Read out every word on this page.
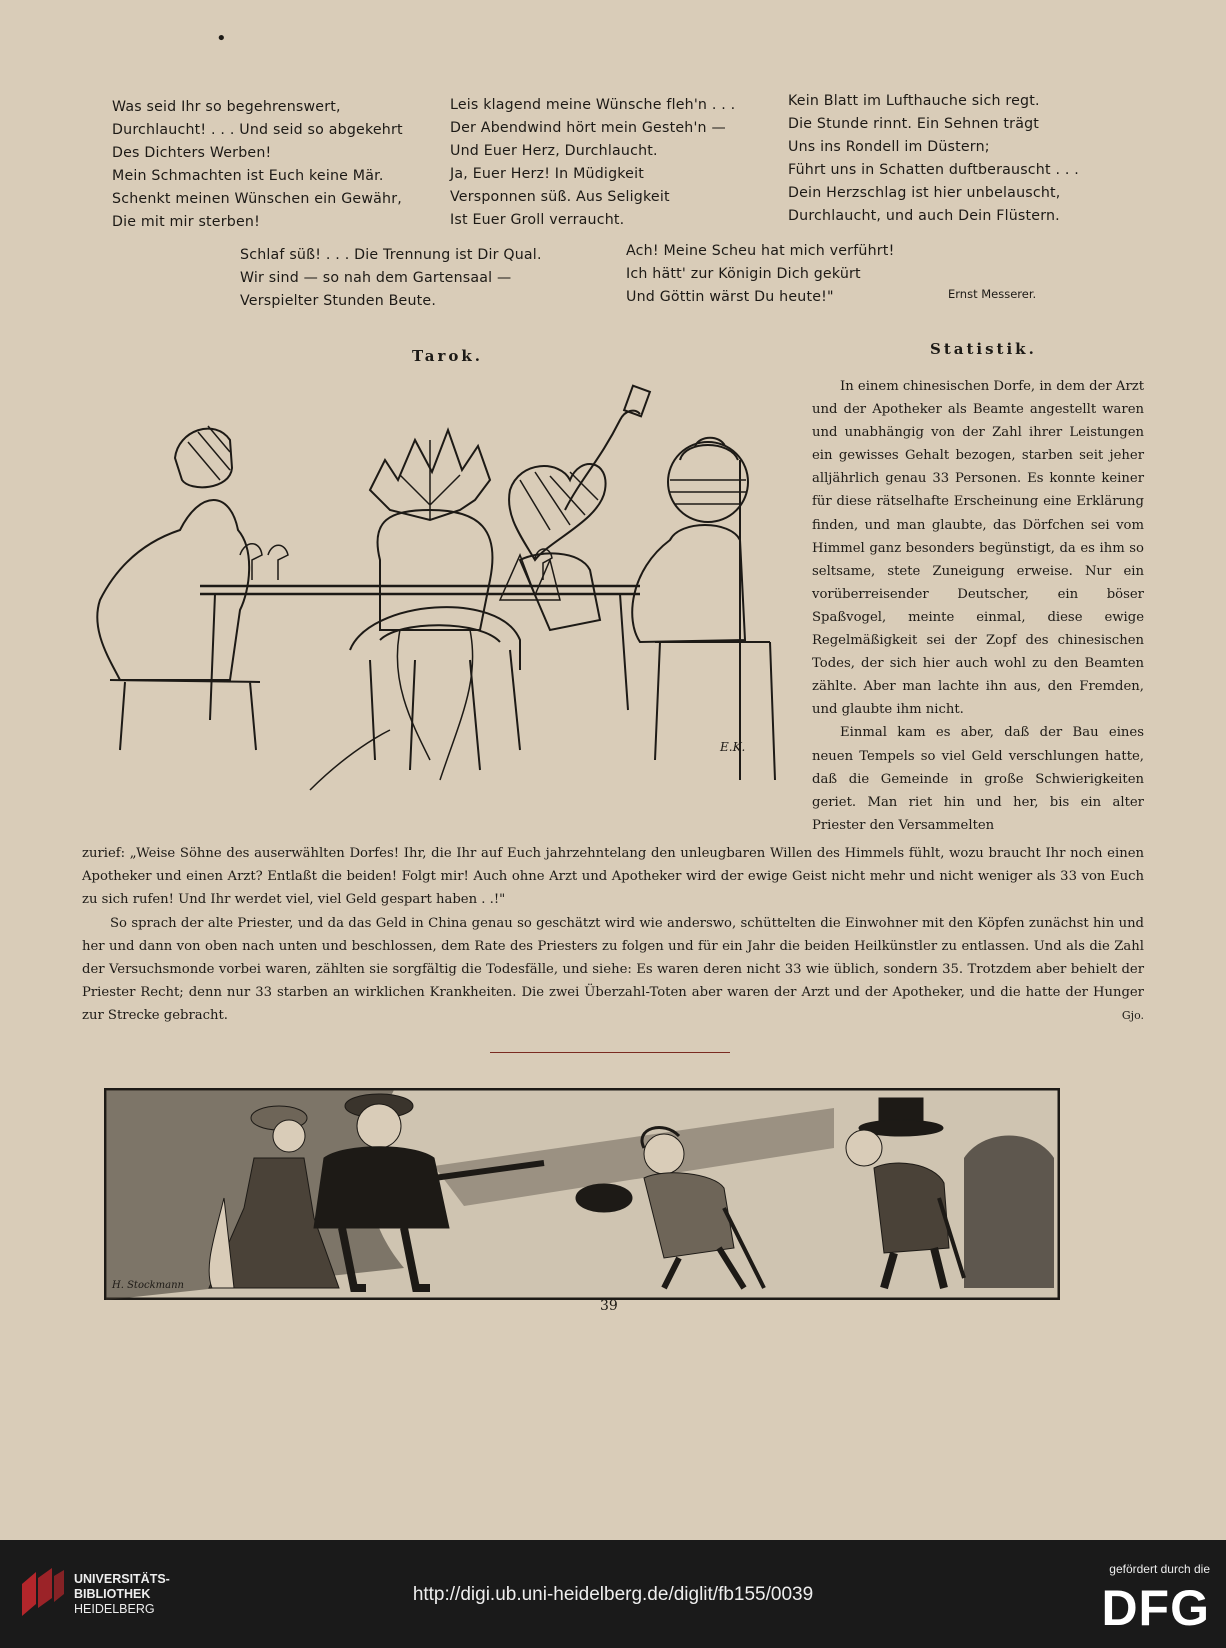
•
Was seid Ihr so begehrenswert,
Durchlaucht! . . . Und seid so abgekehrt
Des Dichters Werben!
Mein Schmachten ist Euch keine Mär.
Schenkt meinen Wünschen ein Gewähr,
Die mit mir sterben!
Leis klagend meine Wünsche fleh'n . . .
Der Abendwind hört mein Gesteh'n —
Und Euer Herz, Durchlaucht.
Ja, Euer Herz! In Müdigkeit
Versponnen süß. Aus Seligkeit
Ist Euer Groll verraucht.
Kein Blatt im Lufthauche sich regt.
Die Stunde rinnt. Ein Sehnen trägt
Uns ins Rondell im Düstern;
Führt uns in Schatten duftberauscht . . .
Dein Herzschlag ist hier unbelauscht,
Durchlaucht, und auch Dein Flüstern.
Schlaf süß! . . . Die Trennung ist Dir Qual.
Wir sind — so nah dem Gartensaal —
Verspielter Stunden Beute.
Ach! Meine Scheu hat mich verführt!
Ich hätt' zur Königin Dich gekürt
Und Göttin wärst Du heute!"	Ernst Messerer.
Tarok.	Statistik.
E.K.

In einem chinesischen Dorfe, in dem der Arzt und der Apotheker als Beamte angestellt waren und unabhängig von der Zahl ihrer Leistungen ein gewisses Gehalt bezogen, starben seit jeher alljährlich genau 33 Personen. Es konnte keiner für diese rätselhafte Erscheinung eine Erklärung finden, und man glaubte, das Dörfchen sei vom Himmel ganz besonders begünstigt, da es ihm so seltsame, stete Zuneigung erweise. Nur ein vorüberreisender Deutscher, ein böser Spaßvogel, meinte einmal, diese ewige Regelmäßigkeit sei der Zopf des chinesischen Todes, der sich hier auch wohl zu den Beamten zählte. Aber man lachte ihn aus, den Fremden, und glaubte ihm nicht.

Einmal kam es aber, daß der Bau eines neuen Tempels so viel Geld verschlungen hatte, daß die Gemeinde in große Schwierigkeiten geriet. Man riet hin und her, bis ein alter Priester den Versammelten

zurief: „Weise Söhne des auserwählten Dorfes! Ihr, die Ihr auf Euch jahrzehntelang den unleugbaren Willen des Himmels fühlt, wozu braucht Ihr noch einen Apotheker und einen Arzt? Entlaßt die beiden! Folgt mir! Auch ohne Arzt und Apotheker wird der ewige Geist nicht mehr und nicht weniger als 33 von Euch zu sich rufen! Und Ihr werdet viel, viel Geld gespart haben . .!"

So sprach der alte Priester, und da das Geld in China genau so geschätzt wird wie anderswo, schüttelten die Einwohner mit den Köpfen zunächst hin und her und dann von oben nach unten und beschlossen, dem Rate des Priesters zu folgen und für ein Jahr die beiden Heilkünstler zu entlassen. Und als die Zahl der Versuchsmonde vorbei waren, zählten sie sorgfältig die Todesfälle, und siehe: Es waren deren nicht 33 wie üblich, sondern 35. Trotzdem aber behielt der Priester Recht; denn nur 33 starben an wirklichen Krankheiten. Die zwei Überzahl-Toten aber waren der Arzt und der Apotheker, und die hatte der Hunger zur Strecke gebracht.	Gjo.

H. Stockmann
39
UNIVERSITÄTS-
BIBLIOTHEK
HEIDELBERG
http://digi.ub.uni-heidelberg.de/diglit/fb155/0039
gefördert durch die
DFG
